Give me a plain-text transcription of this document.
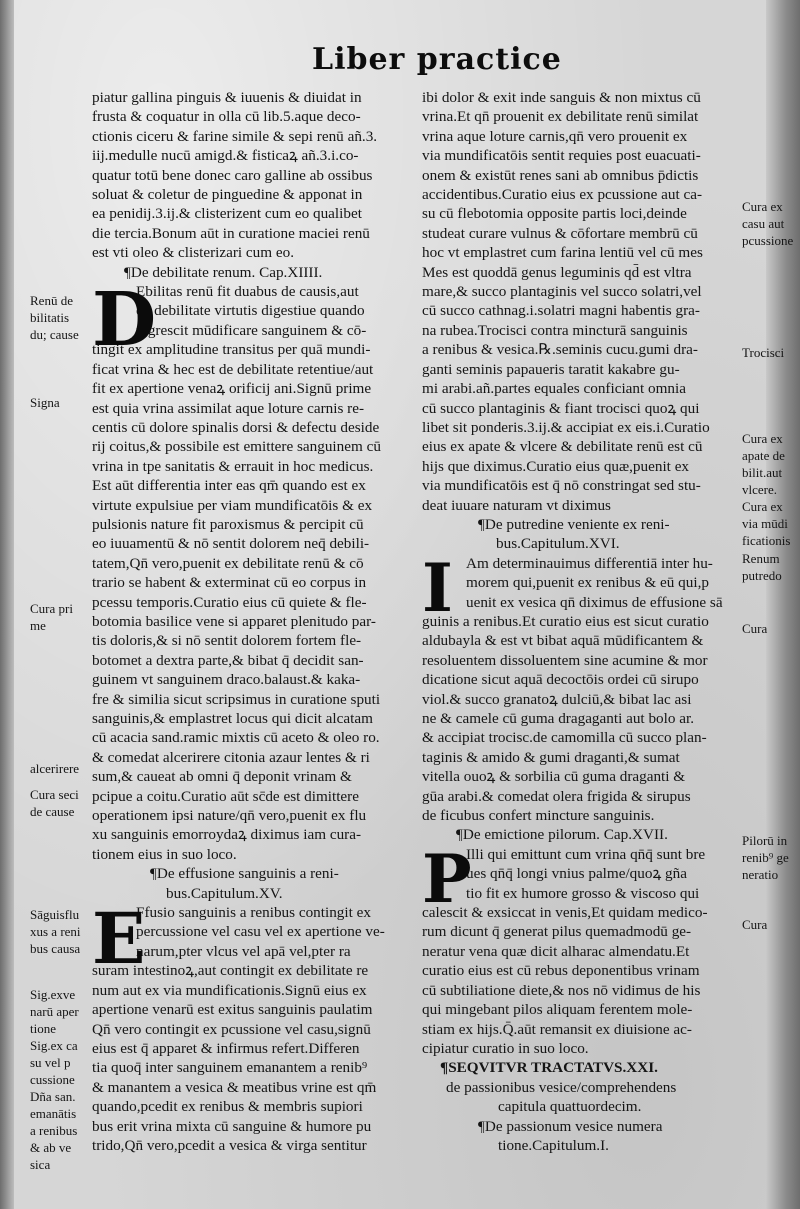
Liber practice
piatur gallina pinguis & iuuenis & diuidat in
frusta & coquatur in olla cū lib.5.aque deco-
ctionis ciceru & farine simile & sepi renū añ.3.
iij.medulle nucū amigd.& fisticaꝝ añ.3.i.co-
quatur totū bene donec caro galline ab ossibus
soluat & coletur de pinguedine & apponat in
ea penidij.3.ij.& clisterizent cum eo qualibet
die tercia.Bonum aūt in curatione maciei renū
est vti oleo & clisterizari cum eo.
¶De debilitate renum. Cap.XIIII.
D
Ebilitas renū fit duabus de causis,aut
ex debilitate virtutis digestiue quando
pigrescit mūdificare sanguinem & cō-
tingit ex amplitudine transitus per quā mundi-
ficat vrina & hec est de debilitate retentiue/aut
fit ex apertione venaꝝ orificij ani.Signū prime
est quia vrina assimilat aque loture carnis re-
centis cū dolore spinalis dorsi & defectu deside
rij coitus,& possibile est emittere sanguinem cū
vrina in tpe sanitatis & errauit in hoc medicus.
Est aūt differentia inter eas qm̄ quando est ex
virtute expulsiue per viam mundificatōis & ex
pulsionis nature fit paroxismus & percipit cū
eo iuuamentū & nō sentit dolorem neq̄ debili-
tatem,Qn̄ vero,puenit ex debilitate renū & cō
trario se habent & exterminat cū eo corpus in
pcessu temporis.Curatio eius cū quiete & fle-
botomia basilice vene si apparet plenitudo par-
tis doloris,& si nō sentit dolorem fortem fle-
botomet a dextra parte,& bibat q̄ decidit san-
guinem vt sanguinem draco.balaust.& kaka-
fre & similia sicut scripsimus in curatione sputi
sanguinis,& emplastret locus qui dicit alcatam
cū acacia sand.ramic mixtis cū aceto & oleo ro.
& comedat alcerirere citonia azaur lentes & ri
sum,& caueat ab omni q̄ deponit vrinam &
pcipue a coitu.Curatio aūt sc̄de est dimittere
operationem ipsi nature/qn̄ vero,puenit ex flu
xu sanguinis emorroydaꝝ diximus iam cura-
tionem eius in suo loco.
¶De effusione sanguinis a reni-
bus.Capitulum.XV.
E
Ffusio sanguinis a renibus contingit ex
percussione vel casu vel ex apertione ve-
narum,pter vlcus vel apā vel,pter ra
suram intestinoꝝ,aut contingit ex debilitate re
num aut ex via mundificationis.Signū eius ex
apertione venarū est exitus sanguinis paulatim
Qn̄ vero contingit ex pcussione vel casu,signū
eius est q̄ apparet & infirmus refert.Differen
tia quoq̄ inter sanguinem emanantem a renib⁹
& manantem a vesica & meatibus vrine est qm̄
quando,pcedit ex renibus & membris supiori
bus erit vrina mixta cū sanguine & humore pu
trido,Qn̄ vero,pcedit a vesica & virga sentitur
ibi dolor & exit inde sanguis & non mixtus cū
vrina.Et qn̄ prouenit ex debilitate renū similat
vrina aque loture carnis,qn̄ vero prouenit ex
via mundificatōis sentit requies post euacuati-
onem & existūt renes sani ab omnibus p̄dictis
accidentibus.Curatio eius ex pcussione aut ca-
su cū flebotomia opposite partis loci,deinde
studeat curare vulnus & cōfortare membrū cū
hoc vt emplastret cum farina lentiū vel cū mes
Mes est quoddā genus leguminis qd̄ est vltra
mare,& succo plantaginis vel succo solatri,vel
cū succo cathnag.i.solatri magni habentis gra-
na rubea.Trocisci contra mincturā sanguinis
a renibus & vesica.℞.seminis cucu.gumi dra-
ganti seminis papaueris taratit kakabre gu-
mi arabi.añ.partes equales conficiant omnia
cū succo plantaginis & fiant trocisci quoꝝ qui
libet sit ponderis.3.ij.& accipiat ex eis.i.Curatio
eius ex apate & vlcere & debilitate renū est cū
hijs que diximus.Curatio eius quæ,puenit ex
via mundificatōis est q̄ nō constringat sed stu-
deat iuuare naturam vt diximus
¶De putredine veniente ex reni-
bus.Capitulum.XVI.
I Am determinauimus differentiā inter hu-
morem qui,puenit ex renibus & eū qui,p
uenit ex vesica qn̄ diximus de effusione sā
guinis a renibus.Et curatio eius est sicut curatio
aldubayla & est vt bibat aquā mūdificantem &
resoluentem dissoluentem sine acumine & mor
dicatione sicut aquā decoctōis ordei cū sirupo
viol.& succo granatoꝝ dulciū,& bibat lac asi
ne & camele cū guma dragaganti aut bolo ar.
& accipiat trocisc.de camomilla cū succo plan-
taginis & amido & gumi draganti,& sumat
vitella ouoꝝ & sorbilia cū guma draganti &
gūa arabi.& comedat olera frigida & sirupus
de ficubus confert mincture sanguinis.
¶De emictione pilorum. Cap.XVII.
P
Illi qui emittunt cum vrina qn̄q̄ sunt bre
ues qn̄q̄ longi vnius palme/quoꝝ gña
tio fit ex humore grosso & viscoso qui
calescit & exsiccat in venis,Et quidam medico-
rum dicunt q̄ generat pilus quemadmodū ge-
neratur vena quæ dicit alharac almendatu.Et
curatio eius est cū rebus deponentibus vrinam
cū subtiliatione diete,& nos nō vidimus de his
qui mingebant pilos aliquam ferentem mole-
stiam ex hijs.Q̄.aūt remansit ex diuisione ac-
cipiatur curatio in suo loco.
¶SEQVITVR TRACTATVS.XXI.
de passionibus vesice/comprehendens
capitula quattuordecim.
¶De passionum vesice numera
tione.Capitulum.I.
Renū de
bilitatis
du; cause
Signa
Cura pri
me
alcerirere
Cura seci
de cause
Sāguisflu
xus a reni
bus causa
Sig.exve
narū aper
tione
Sig.ex ca
su vel p
cussione
Dña san.
emanātis
a renibus
& ab ve
sica
Cura ex
casu aut
pcussione
Trocisci
Cura ex
apate de
bilit.aut
vlcere.
Cura ex
via mūdi
ficationis
Renum
putredo
Cura
Pilorū in
renib⁹ ge
neratio
Cura
